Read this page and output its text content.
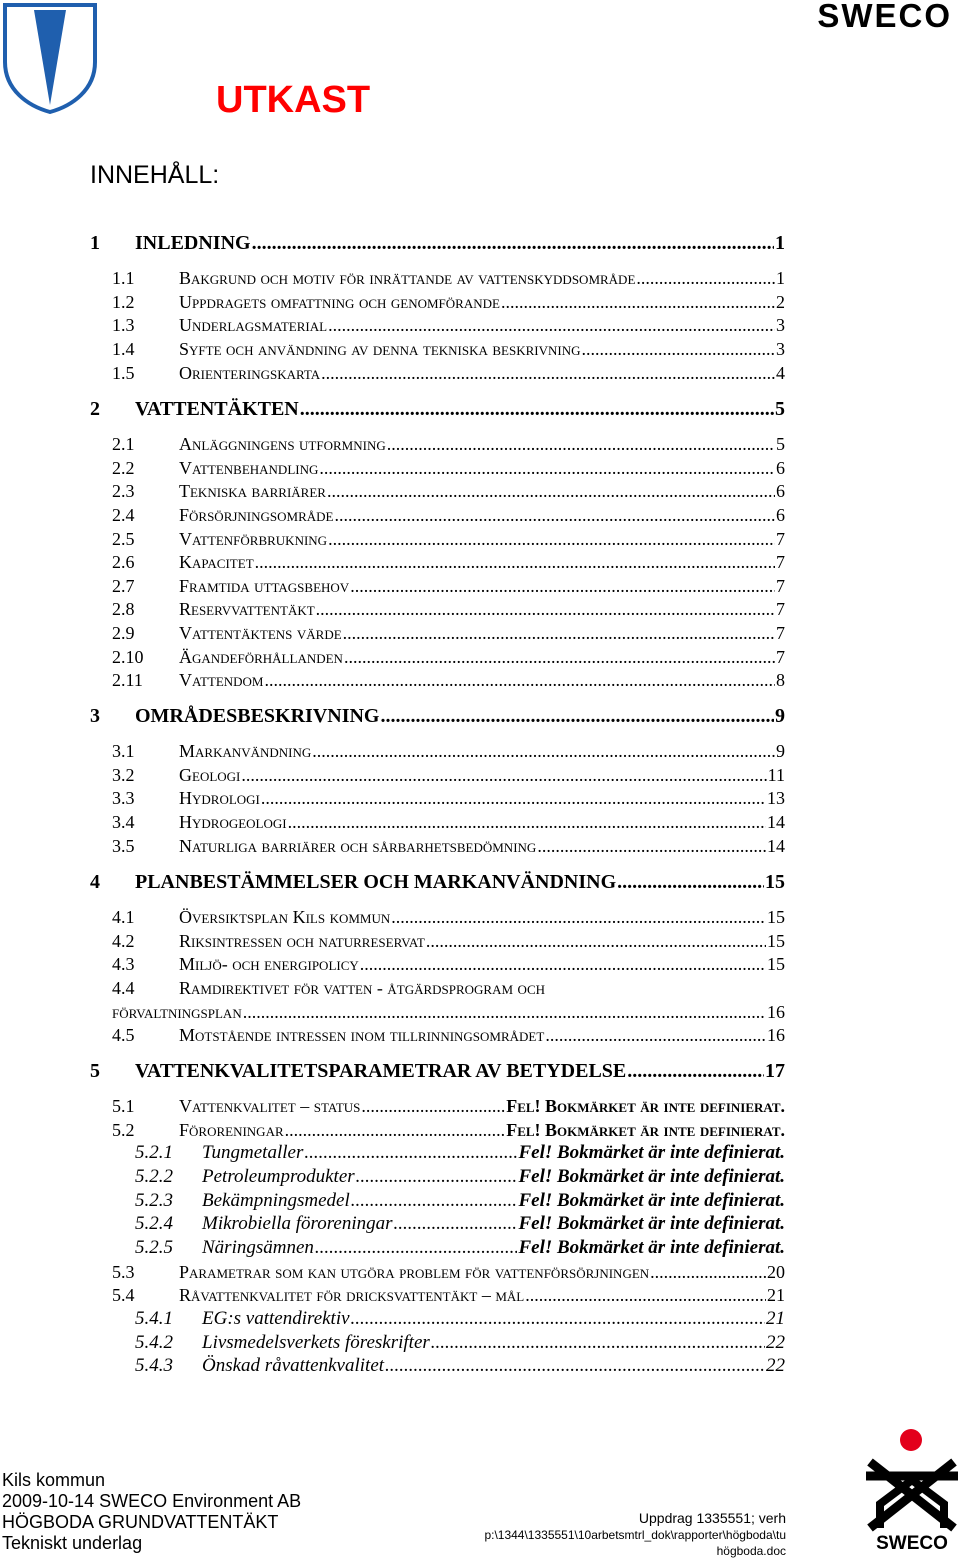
SWECO
UTKAST
INNEHÅLL:
1 INLEDNING .....	1
1.1 Bakgrund och motiv för inrättande av vattenskyddsområde .....	1
1.2 Uppdragets omfattning och genomförande .....	2
1.3 Underlagsmaterial .....	3
1.4 Syfte och användning av denna tekniska beskrivning .....	3
1.5 Orienteringskarta .....	4
2 VATTENTÄKTEN .....	5
2.1 Anläggningens utformning .....	5
2.2 Vattenbehandling .....	6
2.3 Tekniska barriärer .....	6
2.4 Försörjningsområde .....	6
2.5 Vattenförbrukning .....	7
2.6 Kapacitet .....	7
2.7 Framtida uttagsbehov .....	7
2.8 Reservvattentäkt .....	7
2.9 Vattentäktens värde .....	7
2.10 Ägandeförhållanden .....	7
2.11 Vattendom .....	8
3 OMRÅDESBESKRIVNING .....	9
3.1 Markanvändning .....	9
3.2 Geologi .....	11
3.3 Hydrologi .....	13
3.4 Hydrogeologi .....	14
3.5 Naturliga barriärer och sårbarhetsbedömning .....	14
4 PLANBESTÄMMELSER OCH MARKANVÄNDNING .....	15
4.1 Översiktsplan Kils kommun .....	15
4.2 Riksintressen och naturreservat .....	15
4.3 Miljö- och energipolicy .....	15
4.4 Ramdirektivet för vatten - åtgärdsprogram och
förvaltningsplan .....	16
4.5 Motstående intressen inom tillrinningsområdet .....	16
5 VATTENKVALITETSPARAMETRAR AV BETYDELSE .....	17
5.1 Vattenkvalitet – status .....	Fel! Bokmärket är inte definierat.
5.2 Föroreningar .....	Fel! Bokmärket är inte definierat.
5.2.1 Tungmetaller .....	Fel! Bokmärket är inte definierat.
5.2.2 Petroleumprodukter .....	Fel! Bokmärket är inte definierat.
5.2.3 Bekämpningsmedel .....	Fel! Bokmärket är inte definierat.
5.2.4 Mikrobiella föroreningar .....	Fel! Bokmärket är inte definierat.
5.2.5 Näringsämnen .....	Fel! Bokmärket är inte definierat.
5.3 Parametrar som kan utgöra problem för vattenförsörjningen .....	20
5.4 Råvattenkvalitet för dricksvattentäkt – mål .....	21
5.4.1 EG:s vattendirektiv .....	21
5.4.2 Livsmedelsverkets föreskrifter .....	22
5.4.3 Önskad råvattenkvalitet .....	22
Kils kommun
2009-10-14 SWECO Environment AB
HÖGBODA GRUNDVATTENTÄKT
Tekniskt underlag
Uppdrag 1335551; verh
p:\1344\1335551\10arbetsmtrl_dok\rapporter\högboda\tu
högboda.doc	SWECO
